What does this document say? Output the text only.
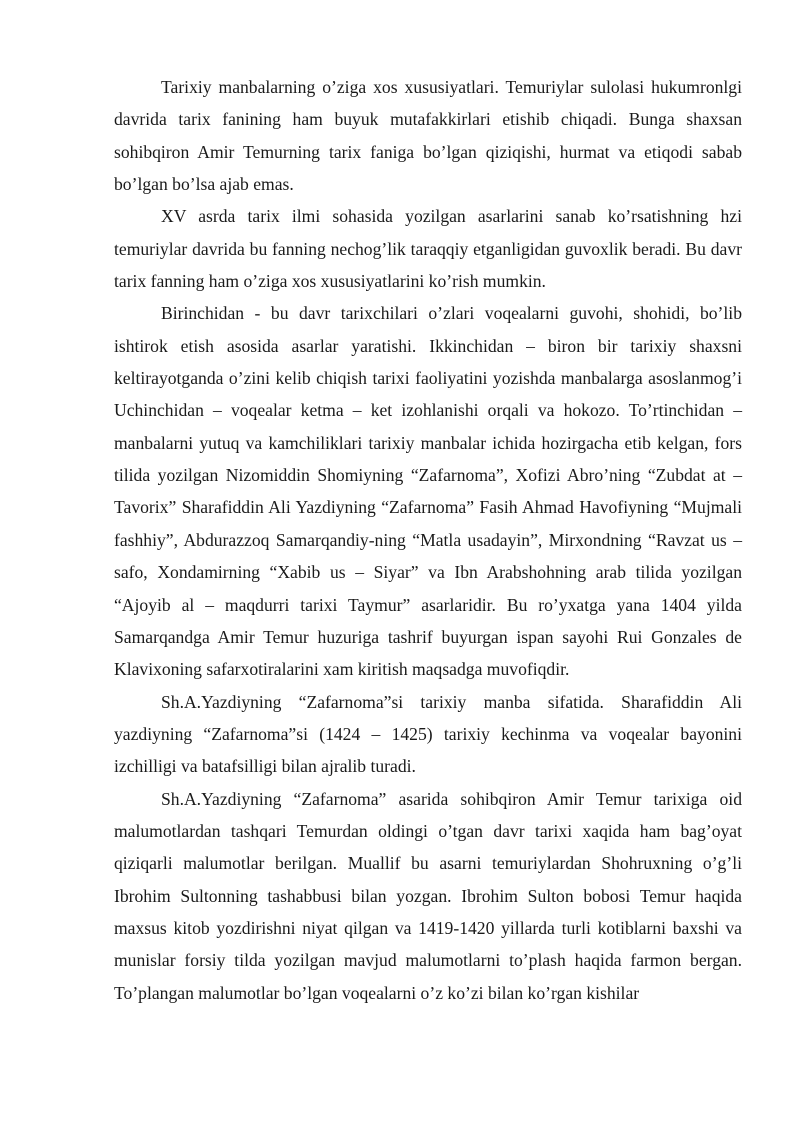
Tarixiy manbalarning o’ziga xos xususiyatlari. Temuriylar sulolasi hukumronlgi davrida tarix fanining ham buyuk mutafakkirlari etishib chiqadi. Bunga shaxsan sohibqiron Amir Temurning tarix faniga bo’lgan qiziqishi, hurmat va etiqodi sabab bo’lgan bo’lsa ajab emas.

XV asrda tarix ilmi sohasida yozilgan asarlarini sanab ko’rsatishning hzi temuriylar davrida bu fanning nechog’lik taraqqiy etganligidan guvoxlik beradi. Bu davr tarix fanning ham o’ziga xos xususiyatlarini ko’rish mumkin.

Birinchidan - bu davr tarixchilari o’zlari voqealarni guvohi, shohidi, bo’lib ishtirok etish asosida asarlar yaratishi. Ikkinchidan – biron bir tarixiy shaxsni keltirayotganda o’zini kelib chiqish tarixi faoliyatini yozishda manbalarga asoslanmog’i Uchinchidan – voqealar ketma – ket izohlanishi orqali va hokozo. To’rtinchidan – manbalarni yutuq va kamchiliklari tarixiy manbalar ichida hozirgacha etib kelgan, fors tilida yozilgan Nizomiddin Shomiyning “Zafarnoma”, Xofizi Abro’ning “Zubdat at – Tavorix” Sharafiddin Ali Yazdiyning “Zafarnoma” Fasih Ahmad Havofiyning “Mujmali fashhiy”, Abdurazzoq Samarqandiy-ning “Matla usadayin”, Mirxondning “Ravzat us – safo, Xondamirning “Xabib us – Siyar” va Ibn Arabshohning arab tilida yozilgan “Ajoyib al – maqdurri tarixi Taymur” asarlaridir. Bu ro’yxatga yana 1404 yilda Samarqandga Amir Temur huzuriga tashrif buyurgan ispan sayohi Rui Gonzales de Klavixoning safarxotiralarini xam kiritish maqsadga muvofiqdir.

Sh.A.Yazdiyning “Zafarnoma”si tarixiy manba sifatida. Sharafiddin Ali yazdiyning “Zafarnoma”si (1424 – 1425) tarixiy kechinma va voqealar bayonini izchilligi va batafsilligi bilan ajralib turadi.

Sh.A.Yazdiyning “Zafarnoma” asarida sohibqiron Amir Temur tarixiga oid malumotlardan tashqari Temurdan oldingi o’tgan davr tarixi xaqida ham bag’oyat qiziqarli malumotlar berilgan. Muallif bu asarni temuriylardan Shohruxning o’g’li Ibrohim Sultonning tashabbusi bilan yozgan. Ibrohim Sulton bobosi Temur haqida maxsus kitob yozdirishni niyat qilgan va 1419-1420 yillarda turli kotiblarni baxshi va munislar forsiy tilda yozilgan mavjud malumotlarni to’plash haqida farmon bergan. To’plangan malumotlar bo’lgan voqealarni o’z ko’zi bilan ko’rgan kishilar
